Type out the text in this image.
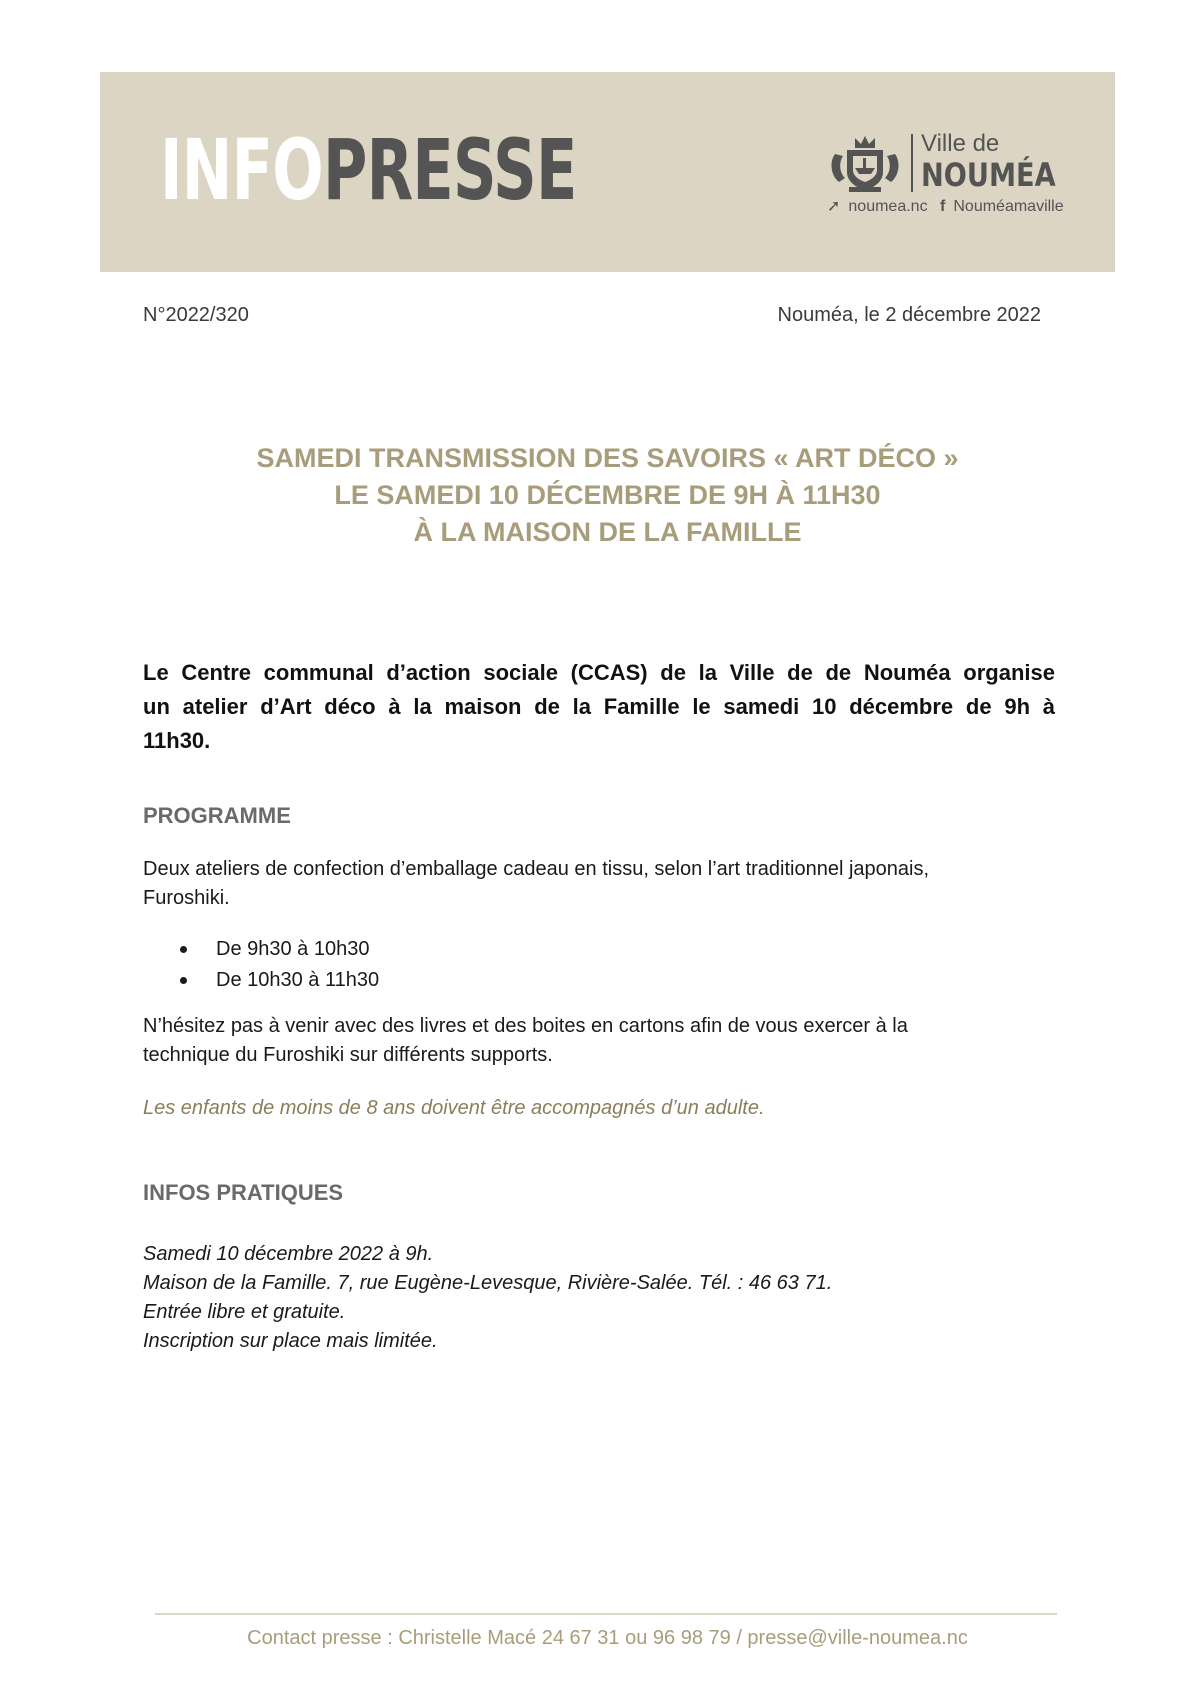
INFOPRESSE	Ville de
NOUMÉA
➚ noumea.nc f Nouméamaville
N°2022/320	Nouméa, le 2 décembre 2022
SAMEDI TRANSMISSION DES SAVOIRS « ART DÉCO »
LE SAMEDI 10 DÉCEMBRE DE 9H À 11H30
À LA MAISON DE LA FAMILLE
Le Centre communal d’action sociale (CCAS) de la Ville de de Nouméa organise
un atelier d’Art déco à la maison de la Famille le samedi 10 décembre de 9h à
11h30.
PROGRAMME
Deux ateliers de confection d’emballage cadeau en tissu, selon l’art traditionnel japonais,
Furoshiki.
De 9h30 à 10h30
De 10h30 à 11h30
N’hésitez pas à venir avec des livres et des boites en cartons afin de vous exercer à la
technique du Furoshiki sur différents supports.
Les enfants de moins de 8 ans doivent être accompagnés d’un adulte.
INFOS PRATIQUES
Samedi 10 décembre 2022 à 9h.
Maison de la Famille. 7, rue Eugène-Levesque, Rivière-Salée. Tél. : 46 63 71.
Entrée libre et gratuite.
Inscription sur place mais limitée.
Contact presse : Christelle Macé 24 67 31 ou 96 98 79 / presse@ville-noumea.nc
